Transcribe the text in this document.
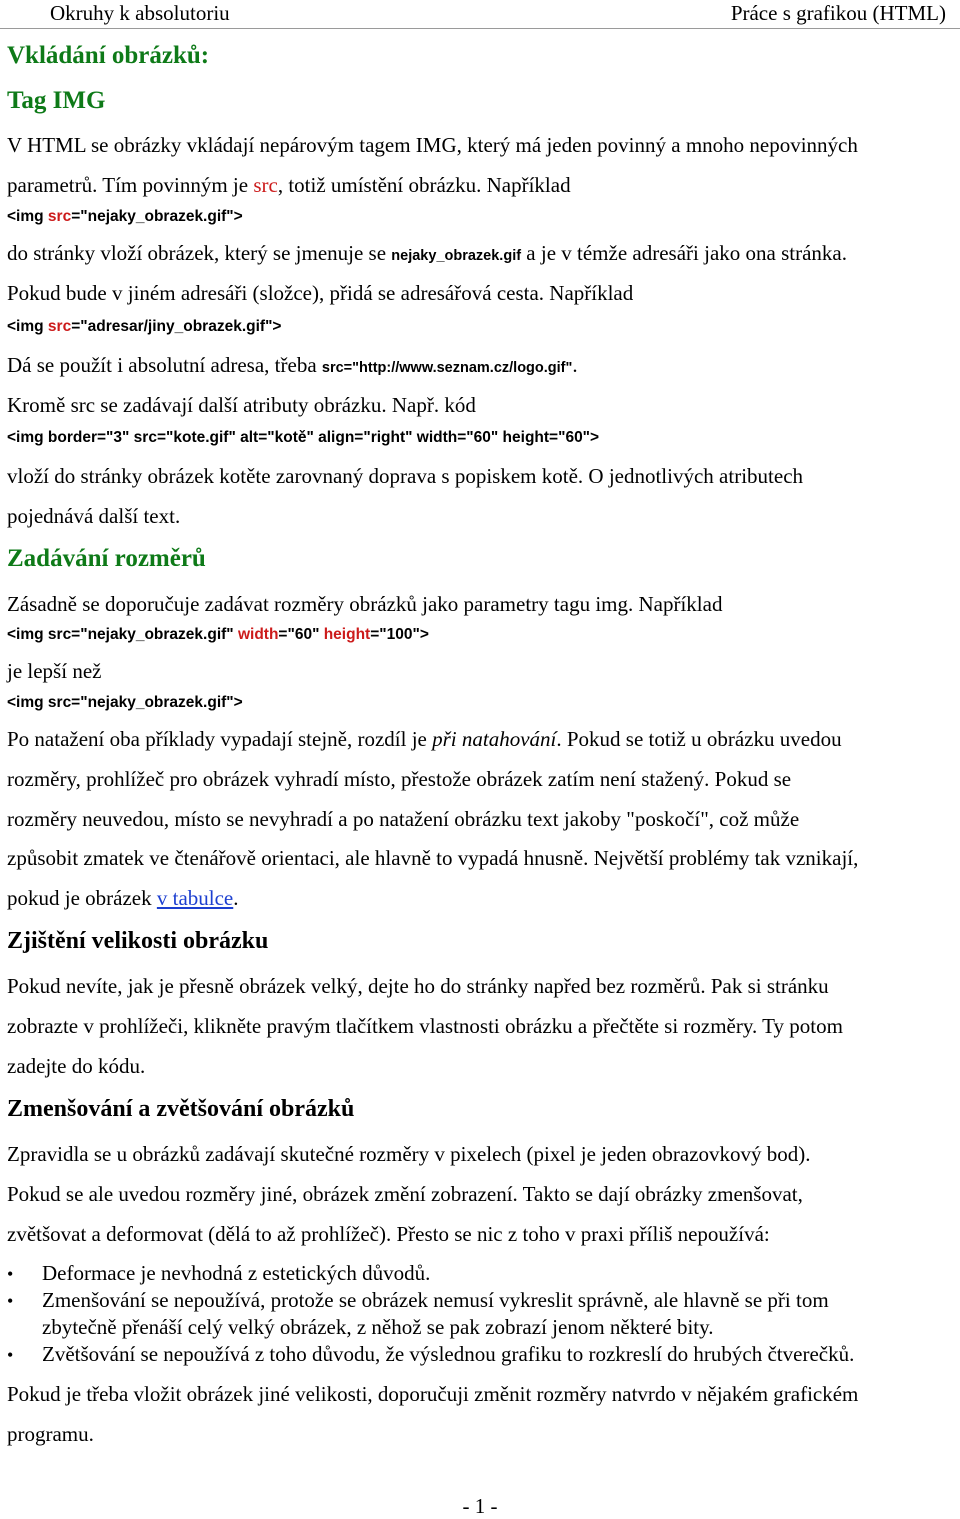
Okruhy k absolutoriu	Práce s grafikou (HTML)
Vkládání obrázků:
Tag IMG
V HTML se obrázky vkládají nepárovým tagem IMG, který má jeden povinný a mnoho nepovinných
parametrů. Tím povinným je src, totiž umístění obrázku. Například
<img src="nejaky_obrazek.gif">
do stránky vloží obrázek, který se jmenuje se nejaky_obrazek.gif a je v témže adresáři jako ona stránka.
Pokud bude v jiném adresáři (složce), přidá se adresářová cesta. Například
<img src="adresar/jiny_obrazek.gif">
Dá se použít i absolutní adresa, třeba src="http://www.seznam.cz/logo.gif".
Kromě src se zadávají další atributy obrázku. Např. kód
<img border="3" src="kote.gif" alt="kotě" align="right" width="60" height="60">
vloží do stránky obrázek kotěte zarovnaný doprava s popiskem kotě. O jednotlivých atributech
pojednává další text.
Zadávání rozměrů
Zásadně se doporučuje zadávat rozměry obrázků jako parametry tagu img. Například
<img src="nejaky_obrazek.gif" width="60" height="100">
je lepší než
<img src="nejaky_obrazek.gif">
Po natažení oba příklady vypadají stejně, rozdíl je při natahování. Pokud se totiž u obrázku uvedou
rozměry, prohlížeč pro obrázek vyhradí místo, přestože obrázek zatím není stažený. Pokud se
rozměry neuvedou, místo se nevyhradí a po natažení obrázku text jakoby "poskočí", což může
způsobit zmatek ve čtenářově orientaci, ale hlavně to vypadá hnusně. Největší problémy tak vznikají,
pokud je obrázek v tabulce.
Zjištění velikosti obrázku
Pokud nevíte, jak je přesně obrázek velký, dejte ho do stránky napřed bez rozměrů. Pak si stránku
zobrazte v prohlížeči, klikněte pravým tlačítkem vlastnosti obrázku a přečtěte si rozměry. Ty potom
zadejte do kódu.
Zmenšování a zvětšování obrázků
Zpravidla se u obrázků zadávají skutečné rozměry v pixelech (pixel je jeden obrazovkový bod).
Pokud se ale uvedou rozměry jiné, obrázek změní zobrazení. Takto se dají obrázky zmenšovat,
zvětšovat a deformovat (dělá to až prohlížeč). Přesto se nic z toho v praxi příliš nepoužívá:
• Deformace je nevhodná z estetických důvodů.
• Zmenšování se nepoužívá, protože se obrázek nemusí vykreslit správně, ale hlavně se při tom
zbytečně přenáší celý velký obrázek, z něhož se pak zobrazí jenom některé bity.
• Zvětšování se nepoužívá z toho důvodu, že výslednou grafiku to rozkreslí do hrubých čtverečků.
Pokud je třeba vložit obrázek jiné velikosti, doporučuji změnit rozměry natvrdo v nějakém grafickém
programu.
- 1 -
